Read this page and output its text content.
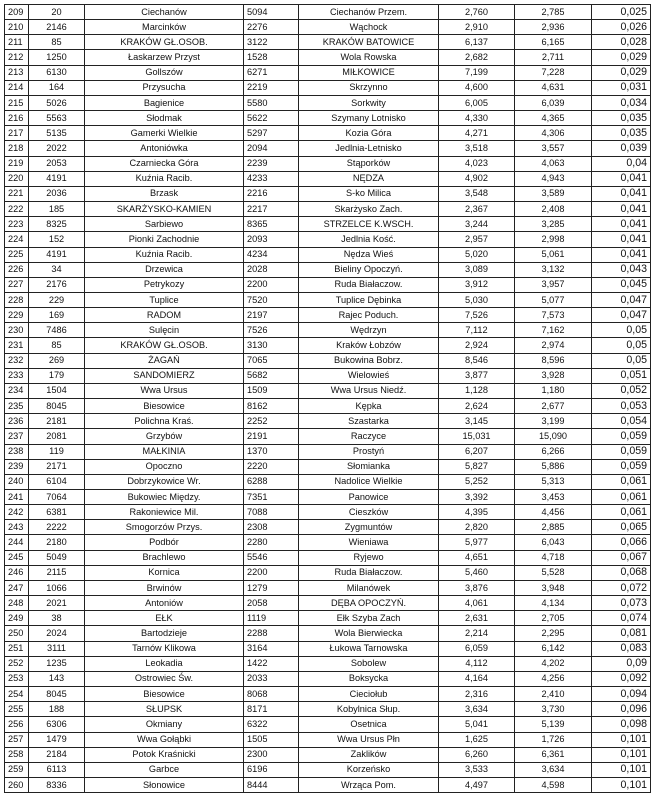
209	20	Ciechanów	5094	Ciechanów Przem.	2,760	2,785	0,025
210	2146	Marcinków	2276	Wąchock	2,910	2,936	0,026
211	85	KRAKÓW GŁ.OSOB.	3122	KRAKÓW BATOWICE	6,137	6,165	0,028
212	1250	Łaskarzew Przyst	1528	Wola Rowska	2,682	2,711	0,029
213	6130	Gollszów	6271	MIŁKOWICE	7,199	7,228	0,029
214	164	Przysucha	2219	Skrzynno	4,600	4,631	0,031
215	5026	Bagienice	5580	Sorkwity	6,005	6,039	0,034
216	5563	Słodmak	5622	Szymany Lotnisko	4,330	4,365	0,035
217	5135	Gamerki Wielkie	5297	Kozia Góra	4,271	4,306	0,035
218	2022	Antoniówka	2094	Jedlnia-Letnisko	3,518	3,557	0,039
219	2053	Czarniecka Góra	2239	Stąporków	4,023	4,063	0,04
220	4191	Kuźnia Racib.	4233	NĘDZA	4,902	4,943	0,041
221	2036	Brzask	2216	S-ko Milica	3,548	3,589	0,041
222	185	SKARŻYSKO-KAMIEN	2217	Skarżysko Zach.	2,367	2,408	0,041
223	8325	Sarbiewo	8365	STRZELCE K.WSCH.	3,244	3,285	0,041
224	152	Pionki Zachodnie	2093	Jedlnia Kość.	2,957	2,998	0,041
225	4191	Kuźnia Racib.	4234	Nędza Wieś	5,020	5,061	0,041
226	34	Drzewica	2028	Bieliny Opoczyń.	3,089	3,132	0,043
227	2176	Petrykozy	2200	Ruda Białaczow.	3,912	3,957	0,045
228	229	Tuplice	7520	Tuplice Dębinka	5,030	5,077	0,047
229	169	RADOM	2197	Rajec Poduch.	7,526	7,573	0,047
230	7486	Sulęcin	7526	Wędrzyn	7,112	7,162	0,05
231	85	KRAKÓW GŁ.OSOB.	3130	Kraków Łobzów	2,924	2,974	0,05
232	269	ŻAGAŃ	7065	Bukowina Bobrz.	8,546	8,596	0,05
233	179	SANDOMIERZ	5682	Wielowieś	3,877	3,928	0,051
234	1504	Wwa Ursus	1509	Wwa Ursus Niedź.	1,128	1,180	0,052
235	8045	Biesowice	8162	Kępka	2,624	2,677	0,053
236	2181	Polichna Kraś.	2252	Szastarka	3,145	3,199	0,054
237	2081	Grzybów	2191	Raczyce	15,031	15,090	0,059
238	119	MAŁKINIA	1370	Prostyń	6,207	6,266	0,059
239	2171	Opoczno	2220	Słomianka	5,827	5,886	0,059
240	6104	Dobrzykowice Wr.	6288	Nadolice Wielkie	5,252	5,313	0,061
241	7064	Bukowiec Między.	7351	Panowice	3,392	3,453	0,061
242	6381	Rakoniewice Mil.	7088	Cieszków	4,395	4,456	0,061
243	2222	Smogorzów Przys.	2308	Zygmuntów	2,820	2,885	0,065
244	2180	Podbór	2280	Wieniawa	5,977	6,043	0,066
245	5049	Brachlewo	5546	Ryjewo	4,651	4,718	0,067
246	2115	Kornica	2200	Ruda Białaczow.	5,460	5,528	0,068
247	1066	Brwinów	1279	Milanówek	3,876	3,948	0,072
248	2021	Antoniów	2058	DĘBA OPOCZYŃ.	4,061	4,134	0,073
249	38	EŁK	1119	Ełk Szyba Zach	2,631	2,705	0,074
250	2024	Bartodzieje	2288	Wola Bierwiecka	2,214	2,295	0,081
251	3111	Tarnów Klikowa	3164	Łukowa Tarnowska	6,059	6,142	0,083
252	1235	Leokadia	1422	Sobolew	4,112	4,202	0,09
253	143	Ostrowiec Św.	2033	Boksycka	4,164	4,256	0,092
254	8045	Biesowice	8068	Cieciołub	2,316	2,410	0,094
255	188	SŁUPSK	8171	Kobylnica Słup.	3,634	3,730	0,096
256	6306	Okmiany	6322	Osetnica	5,041	5,139	0,098
257	1479	Wwa Gołąbki	1505	Wwa Ursus Płn	1,625	1,726	0,101
258	2184	Potok Kraśnicki	2300	Zaklików	6,260	6,361	0,101
259	6113	Garbce	6196	Korzeńsko	3,533	3,634	0,101
260	8336	Słonowice	8444	Wrząca Pom.	4,497	4,598	0,101
